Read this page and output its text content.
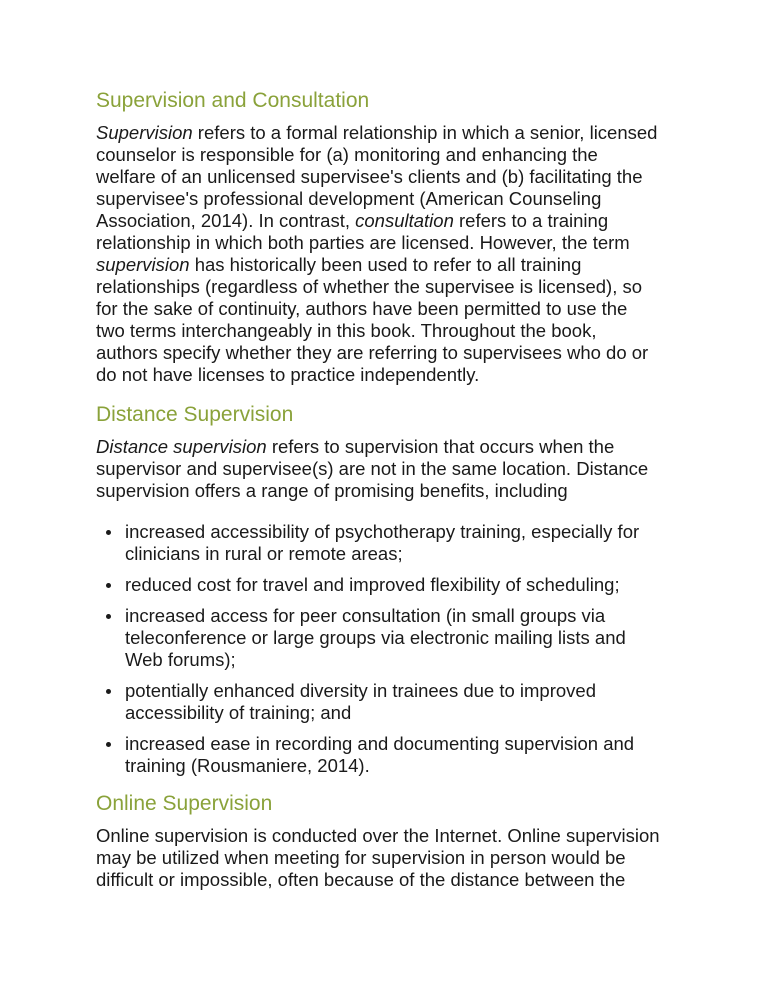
Supervision and Consultation

Supervision refers to a formal relationship in which a senior, licensed
counselor is responsible for (a) monitoring and enhancing the
welfare of an unlicensed supervisee's clients and (b) facilitating the
supervisee's professional development (American Counseling
Association, 2014). In contrast, consultation refers to a training
relationship in which both parties are licensed. However, the term
supervision has historically been used to refer to all training
relationships (regardless of whether the supervisee is licensed), so
for the sake of continuity, authors have been permitted to use the
two terms interchangeably in this book. Throughout the book,
authors specify whether they are referring to supervisees who do or
do not have licenses to practice independently.

Distance Supervision

Distance supervision refers to supervision that occurs when the
supervisor and supervisee(s) are not in the same location. Distance
supervision offers a range of promising benefits, including

increased accessibility of psychotherapy training, especially for
clinicians in rural or remote areas;
reduced cost for travel and improved flexibility of scheduling;
increased access for peer consultation (in small groups via
teleconference or large groups via electronic mailing lists and
Web forums);
potentially enhanced diversity in trainees due to improved
accessibility of training; and
increased ease in recording and documenting supervision and
training (Rousmaniere, 2014).
Online Supervision

Online supervision is conducted over the Internet. Online supervision
may be utilized when meeting for supervision in person would be
difficult or impossible, often because of the distance between the
